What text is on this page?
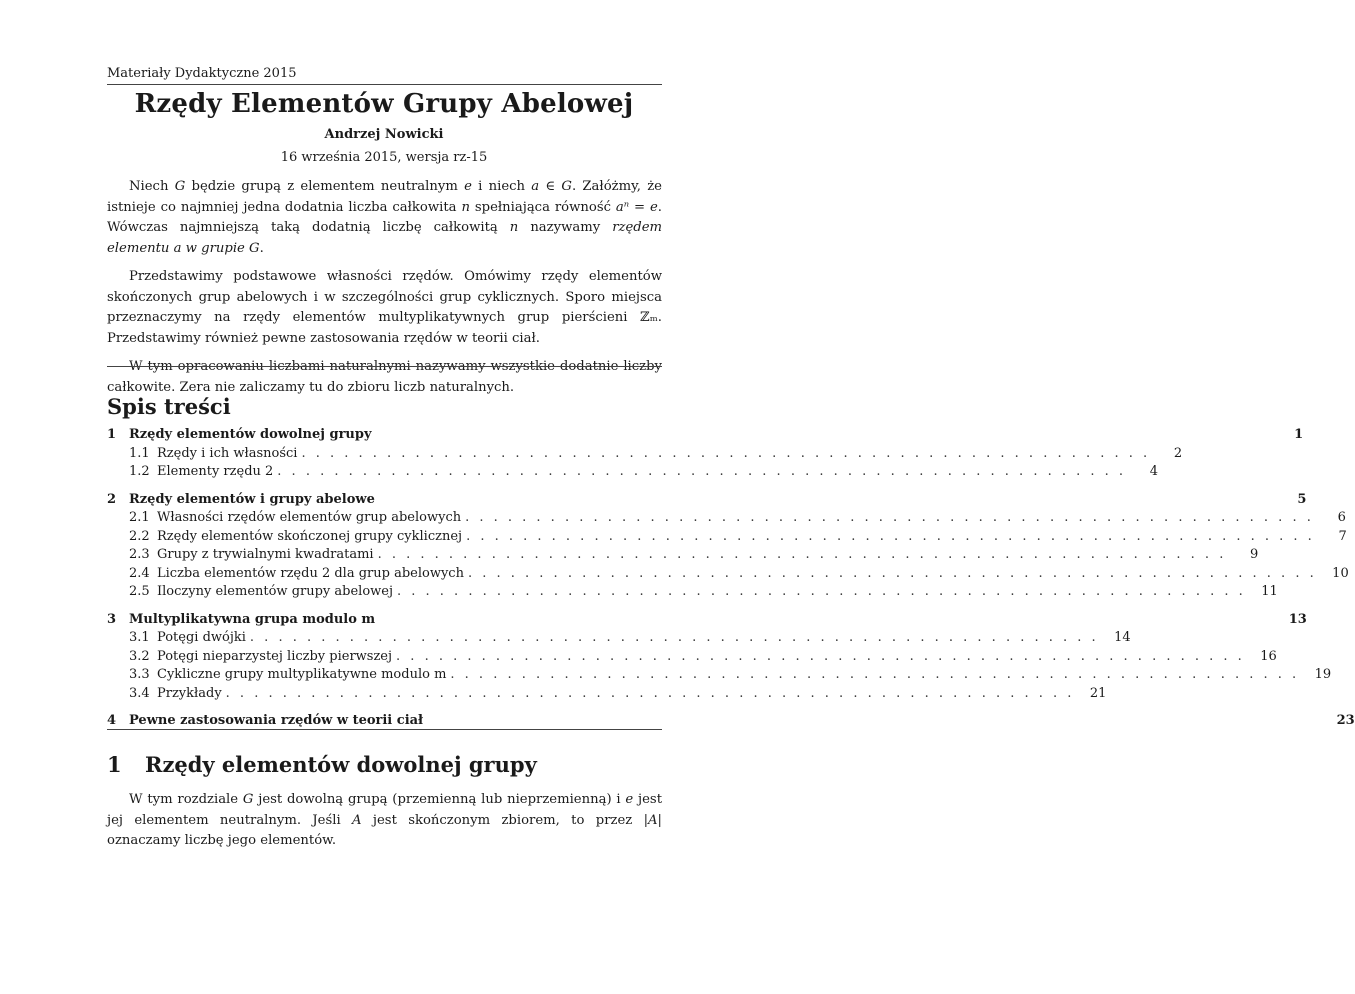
Materiały Dydaktyczne 2015
Rzędy Elementów Grupy Abelowej
Andrzej Nowicki
16 września 2015, wersja rz-15

Niech G będzie grupą z elementem neutralnym e i niech a ∈ G. Załóżmy, że istnieje co najmniej jedna dodatnia liczba całkowita n spełniająca równość aⁿ = e. Wówczas najmniejszą taką dodatnią liczbę całkowitą n nazywamy rzędem elementu a w grupie G.

Przedstawimy podstawowe własności rzędów. Omówimy rzędy elementów skończonych grup abelowych i w szczególności grup cyklicznych. Sporo miejsca przeznaczymy na rzędy elementów multyplikatywnych grup pierścieni ℤₘ. Przedstawimy również pewne zastosowania rzędów w teorii ciał.

W tym opracowaniu liczbami naturalnymi nazywamy wszystkie dodatnie liczby całkowite. Zera nie zaliczamy tu do zbioru liczb naturalnych.

Spis treści
1 Rzędy elementów dowolnej grupy	1
1.1 Rzędy i ich własności . . . . . . . . . . . . . . . . . . . . . . . . . . . . . . . . . . . . . . . . . . . . . . . . . . . . . . . . . . . .	2
1.2 Elementy rzędu 2 . . . . . . . . . . . . . . . . . . . . . . . . . . . . . . . . . . . . . . . . . . . . . . . . . . . . . . . . . . . .	4
2 Rzędy elementów i grupy abelowe	5
2.1 Własności rzędów elementów grup abelowych . . . . . . . . . . . . . . . . . . . . . . . . . . . . . . . . . . . . . . . . . . . . . . . . . . . . . . . . . . . .	6
2.2 Rzędy elementów skończonej grupy cyklicznej . . . . . . . . . . . . . . . . . . . . . . . . . . . . . . . . . . . . . . . . . . . . . . . . . . . . . . . . . . . .	7
2.3 Grupy z trywialnymi kwadratami . . . . . . . . . . . . . . . . . . . . . . . . . . . . . . . . . . . . . . . . . . . . . . . . . . . . . . . . . . . .	9
2.4 Liczba elementów rzędu 2 dla grup abelowych . . . . . . . . . . . . . . . . . . . . . . . . . . . . . . . . . . . . . . . . . . . . . . . . . . . . . . . . . . . .	10
2.5 Iloczyny elementów grupy abelowej . . . . . . . . . . . . . . . . . . . . . . . . . . . . . . . . . . . . . . . . . . . . . . . . . . . . . . . . . . . .	11
3 Multyplikatywna grupa modulo m	13
3.1 Potęgi dwójki . . . . . . . . . . . . . . . . . . . . . . . . . . . . . . . . . . . . . . . . . . . . . . . . . . . . . . . . . . . .	14
3.2 Potęgi nieparzystej liczby pierwszej . . . . . . . . . . . . . . . . . . . . . . . . . . . . . . . . . . . . . . . . . . . . . . . . . . . . . . . . . . . .	16
3.3 Cykliczne grupy multyplikatywne modulo m . . . . . . . . . . . . . . . . . . . . . . . . . . . . . . . . . . . . . . . . . . . . . . . . . . . . . . . . . . . .	19
3.4 Przykłady . . . . . . . . . . . . . . . . . . . . . . . . . . . . . . . . . . . . . . . . . . . . . . . . . . . . . . . . . . . .	21
4 Pewne zastosowania rzędów w teorii ciał	23
1	Rzędy elementów dowolnej grupy

W tym rozdziale G jest dowolną grupą (przemienną lub nieprzemienną) i e jest jej elementem neutralnym. Jeśli A jest skończonym zbiorem, to przez |A| oznaczamy liczbę jego elementów.
